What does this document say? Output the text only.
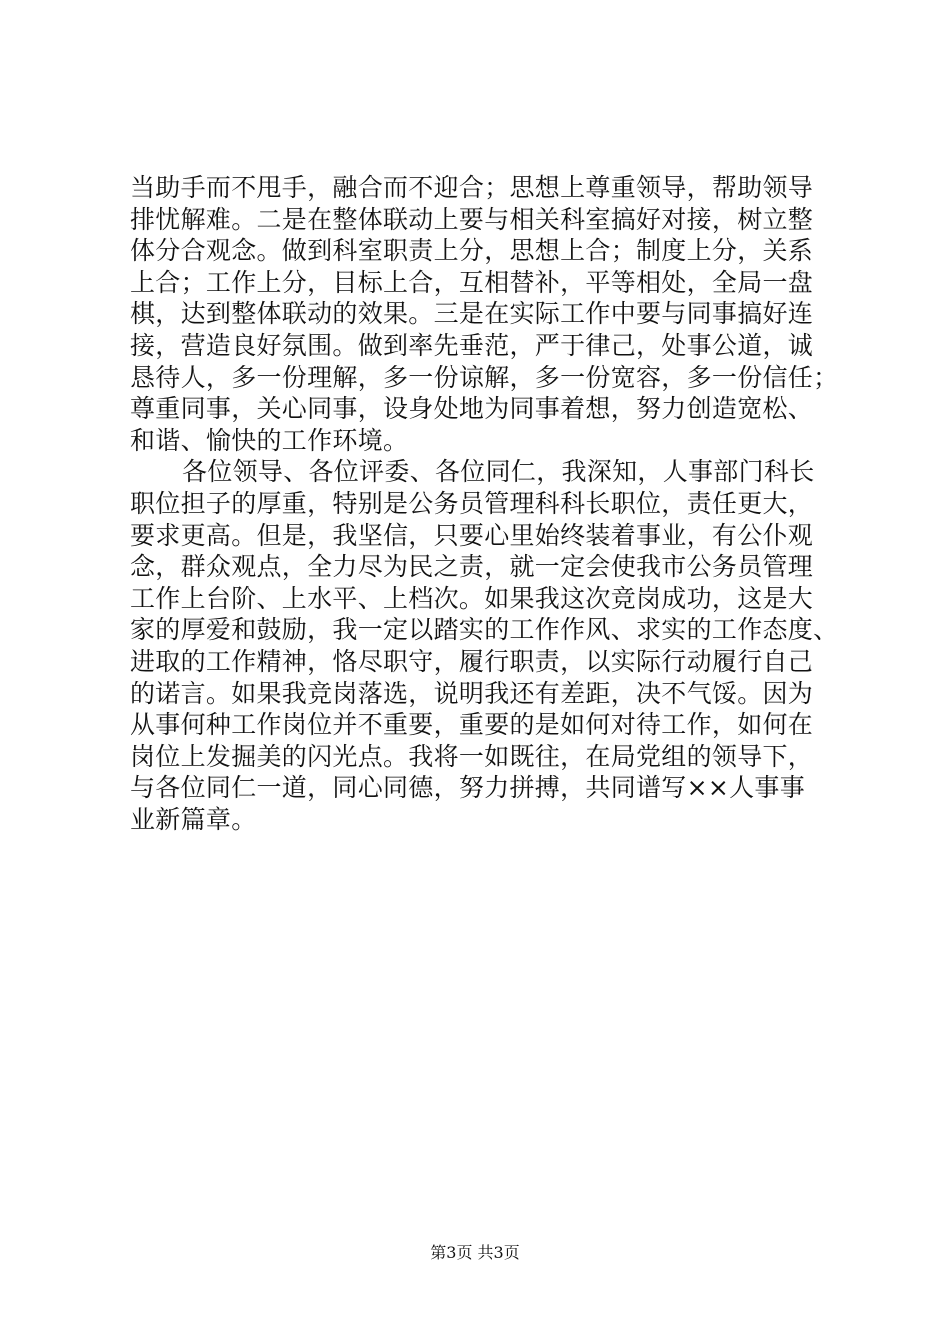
当助手而不甩手，融合而不迎合；思想上尊重领导，帮助领导
排忧解难。二是在整体联动上要与相关科室搞好对接，树立整
体分合观念。做到科室职责上分，思想上合；制度上分，关系
上合；工作上分，目标上合，互相替补，平等相处，全局一盘
棋，达到整体联动的效果。三是在实际工作中要与同事搞好连
接，营造良好氛围。做到率先垂范，严于律己，处事公道，诚
恳待人，多一份理解，多一份谅解，多一份宽容，多一份信任；
尊重同事，关心同事，设身处地为同事着想，努力创造宽松、
和谐、愉快的工作环境。
各位领导、各位评委、各位同仁，我深知，人事部门科长
职位担子的厚重，特别是公务员管理科科长职位，责任更大，
要求更高。但是，我坚信，只要心里始终装着事业，有公仆观
念，群众观点，全力尽为民之责，就一定会使我市公务员管理
工作上台阶、上水平、上档次。如果我这次竞岗成功，这是大
家的厚爱和鼓励，我一定以踏实的工作作风、求实的工作态度、
进取的工作精神，恪尽职守，履行职责，以实际行动履行自己
的诺言。如果我竞岗落选，说明我还有差距，决不气馁。因为
从事何种工作岗位并不重要，重要的是如何对待工作，如何在
岗位上发掘美的闪光点。我将一如既往，在局党组的领导下，
与各位同仁一道，同心同德，努力拼搏，共同谱写××人事事
业新篇章。
第3页 共3页
